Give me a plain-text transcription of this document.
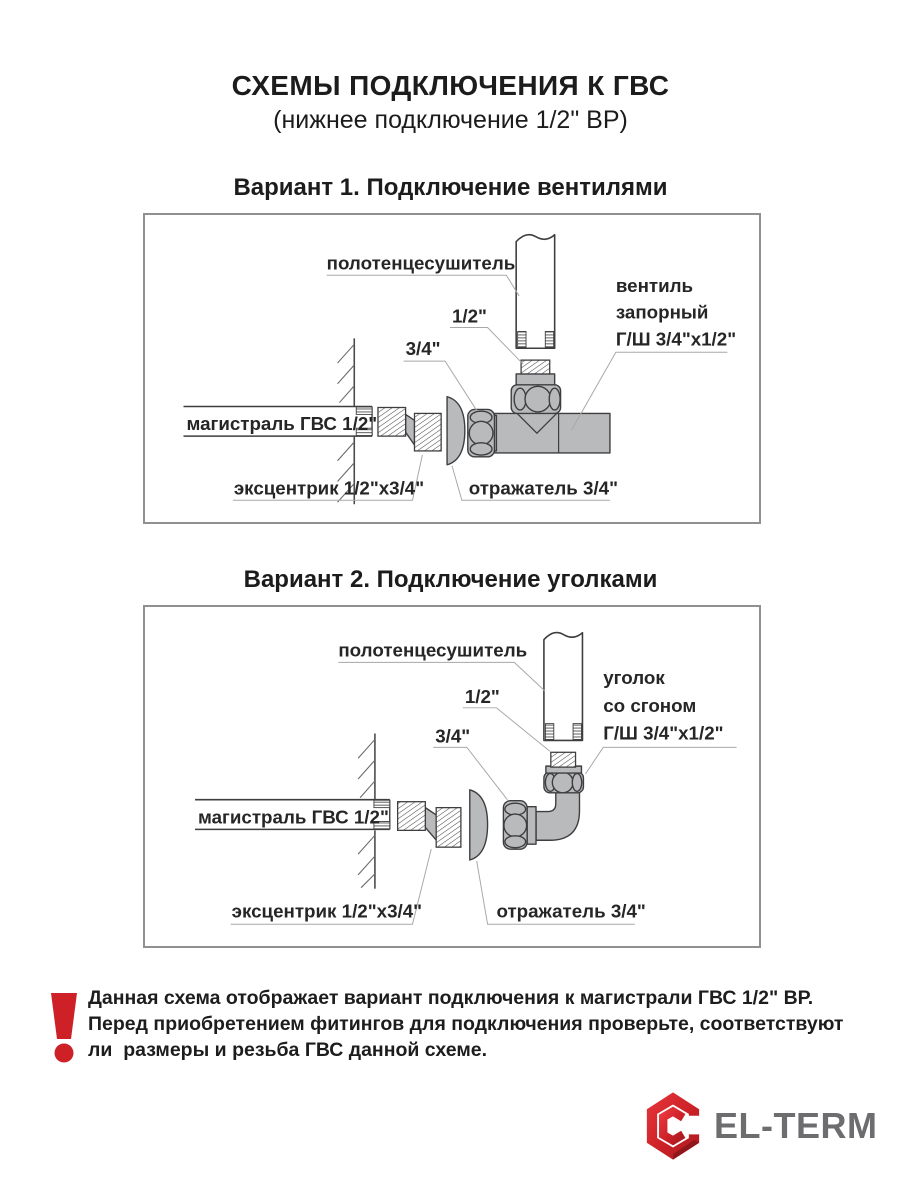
СХЕМЫ ПОДКЛЮЧЕНИЯ К ГВС
(нижнее подключение 1/2" ВР)
Вариант 1. Подключение вентилями
магистраль ГВС 1/2"
полотенцесушитель
вентиль
запорный
Г/Ш 3/4"x1/2"
1/2"
3/4"
эксцентрик 1/2"x3/4" отражатель 3/4"
Вариант 2. Подключение уголками
магистраль ГВС 1/2"
полотенцесушитель
уголок
со сгоном
Г/Ш 3/4"x1/2"
1/2"
3/4"
эксцентрик 1/2"x3/4"	отражатель 3/4"
Данная схема отображает вариант подключения к магистрали ГВС 1/2" ВР.
Перед приобретением фитингов для подключения проверьте, соответствуют
ли  размеры и резьба ГВС данной схеме.
EL-TERM
